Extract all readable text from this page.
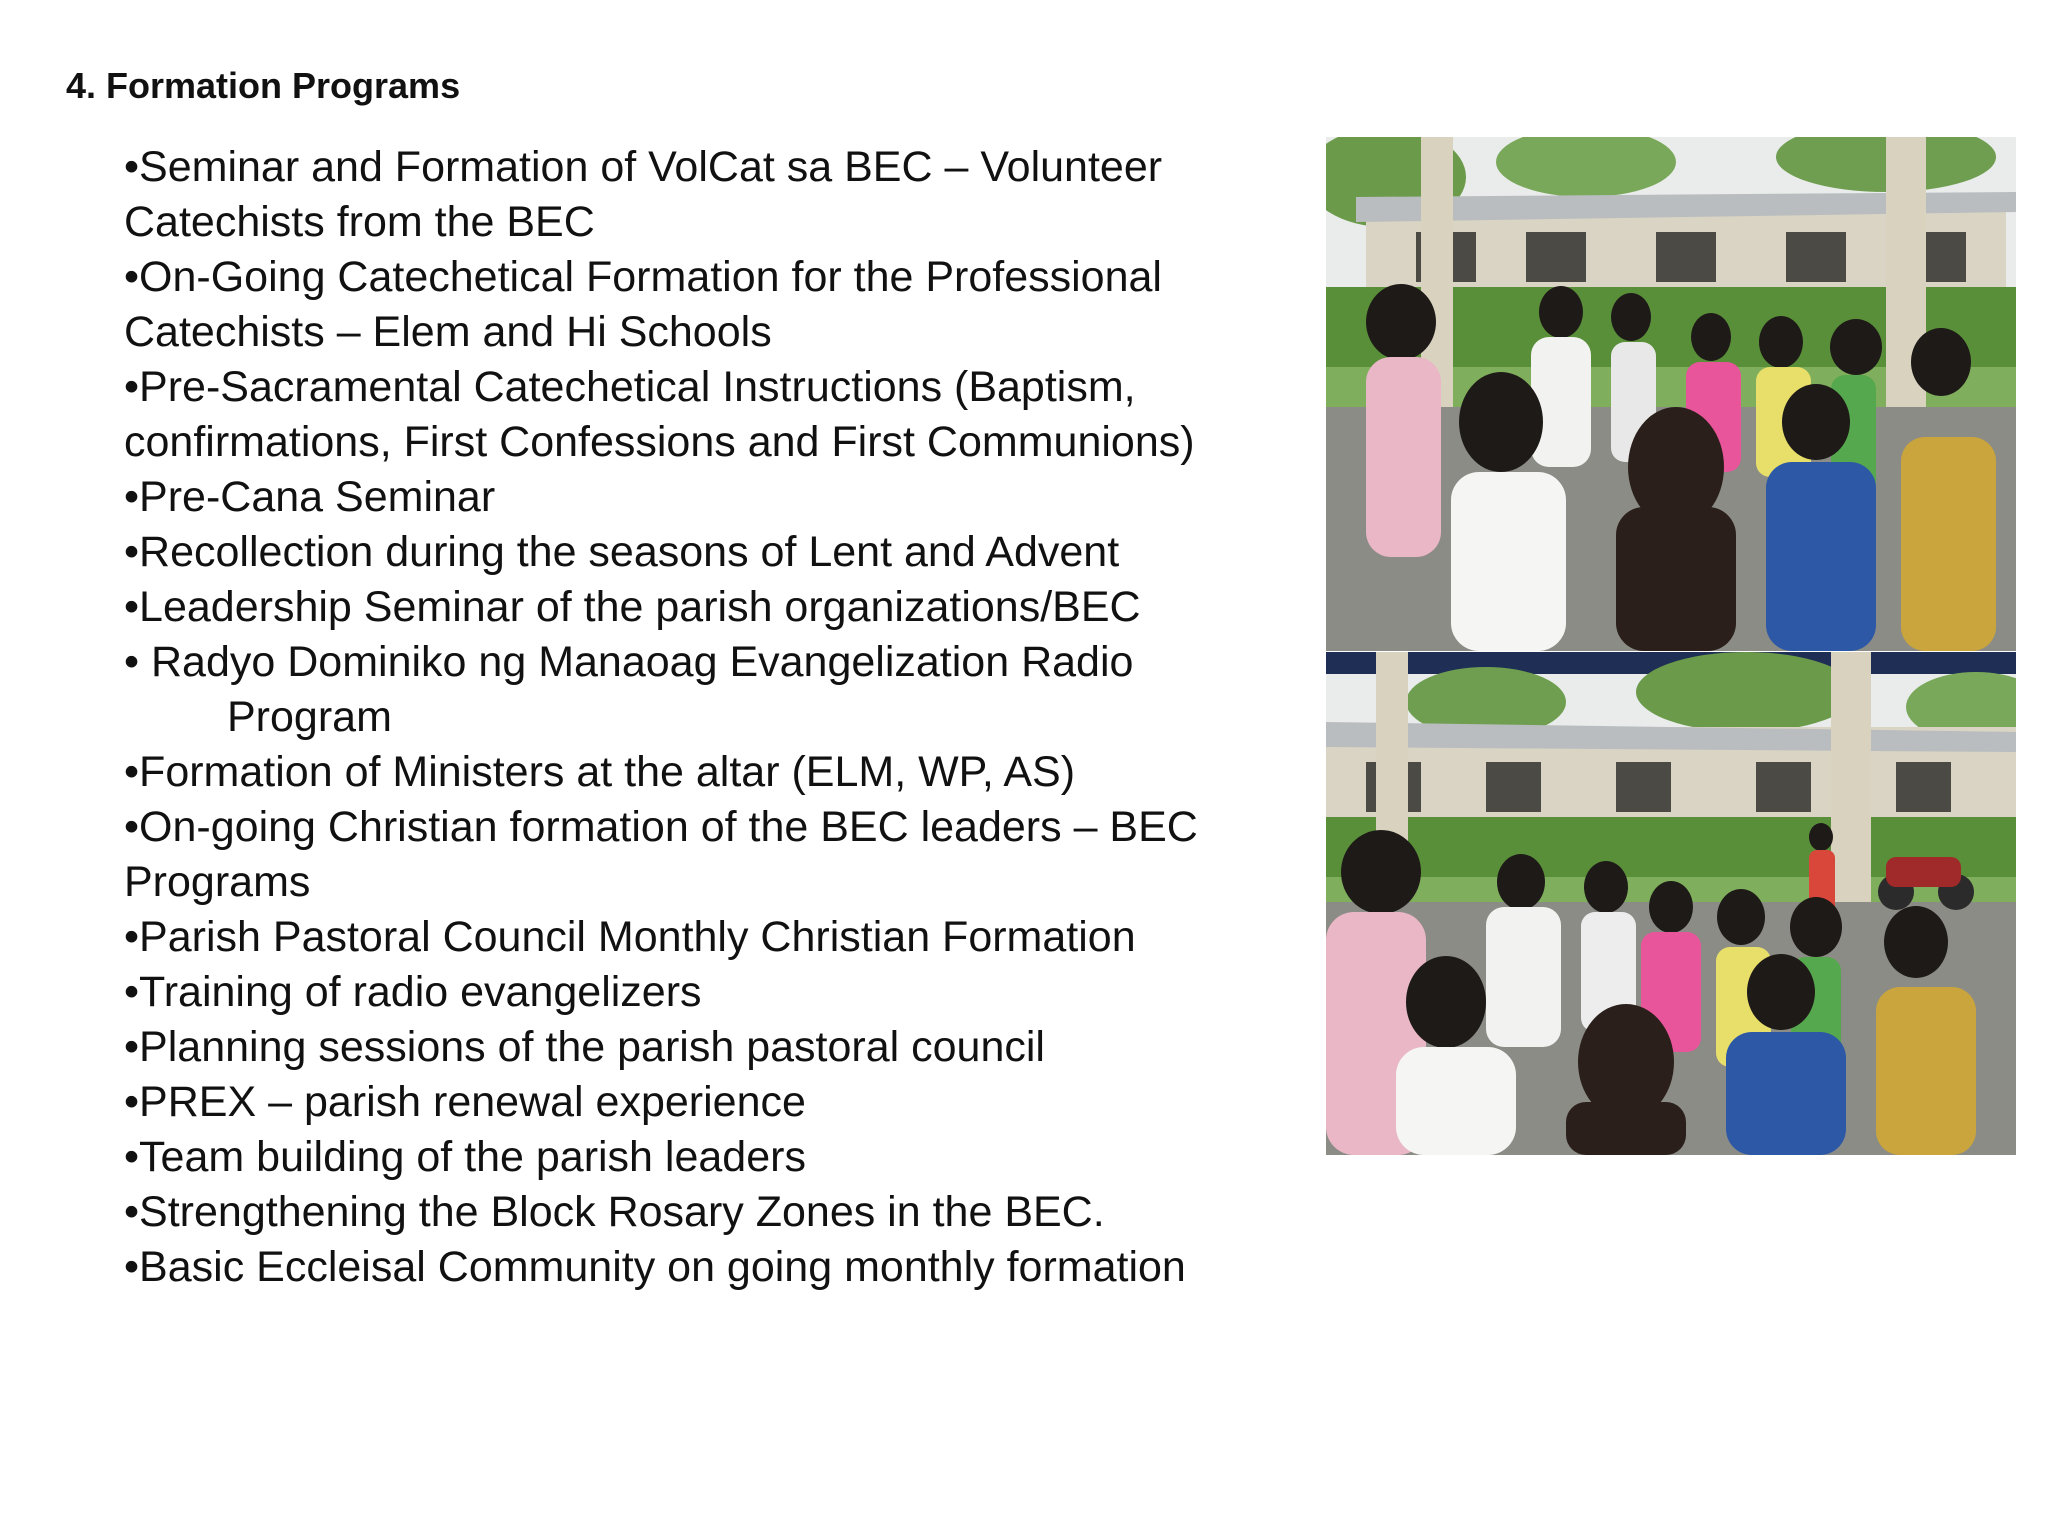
4. Formation Programs
•Seminar and Formation of VolCat sa BEC – Volunteer Catechists from the BEC
•On-Going Catechetical Formation for the Professional Catechists – Elem and Hi Schools
•Pre-Sacramental Catechetical Instructions (Baptism, confirmations, First Confessions and First Communions)
•Pre-Cana Seminar
•Recollection during the seasons of Lent and Advent
•Leadership Seminar of the parish organizations/BEC
• Radyo Dominiko ng Manaoag Evangelization Radio
Program
•Formation of Ministers at the altar (ELM, WP, AS)
•On-going Christian formation of the BEC leaders – BEC Programs
•Parish Pastoral Council Monthly Christian Formation
•Training of radio evangelizers
•Planning sessions of the parish pastoral council
•PREX – parish renewal experience
•Team building of the parish leaders
•Strengthening the Block Rosary Zones in the BEC.
•Basic Eccleisal Community on going monthly formation
